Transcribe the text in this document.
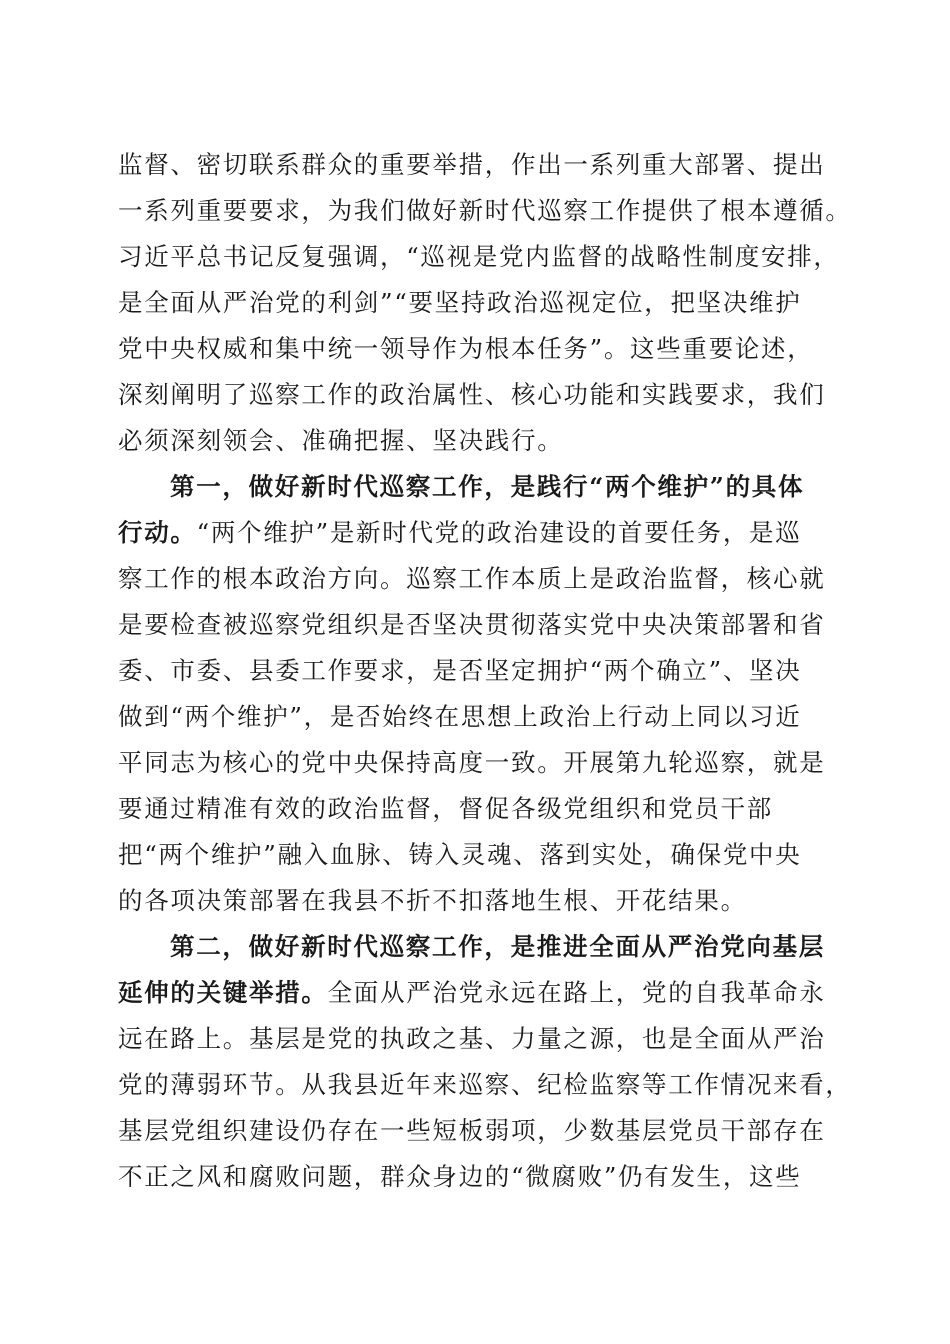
监督、密切联系群众的重要举措，作出一系列重大部署、提出
一系列重要要求，为我们做好新时代巡察工作提供了根本遵循。
习近平总书记反复强调，“巡视是党内监督的战略性制度安排，
是全面从严治党的利剑”“要坚持政治巡视定位，把坚决维护
党中央权威和集中统一领导作为根本任务”。这些重要论述，
深刻阐明了巡察工作的政治属性、核心功能和实践要求，我们
必须深刻领会、准确把握、坚决践行。
第一，做好新时代巡察工作，是践行“两个维护”的具体
行动。“两个维护”是新时代党的政治建设的首要任务，是巡
察工作的根本政治方向。巡察工作本质上是政治监督，核心就
是要检查被巡察党组织是否坚决贯彻落实党中央决策部署和省
委、市委、县委工作要求，是否坚定拥护“两个确立”、坚决
做到“两个维护”，是否始终在思想上政治上行动上同以习近
平同志为核心的党中央保持高度一致。开展第九轮巡察，就是
要通过精准有效的政治监督，督促各级党组织和党员干部
把“两个维护”融入血脉、铸入灵魂、落到实处，确保党中央
的各项决策部署在我县不折不扣落地生根、开花结果。
第二，做好新时代巡察工作，是推进全面从严治党向基层
延伸的关键举措。全面从严治党永远在路上，党的自我革命永
远在路上。基层是党的执政之基、力量之源，也是全面从严治
党的薄弱环节。从我县近年来巡察、纪检监察等工作情况来看，
基层党组织建设仍存在一些短板弱项，少数基层党员干部存在
不正之风和腐败问题，群众身边的“微腐败”仍有发生，这些
